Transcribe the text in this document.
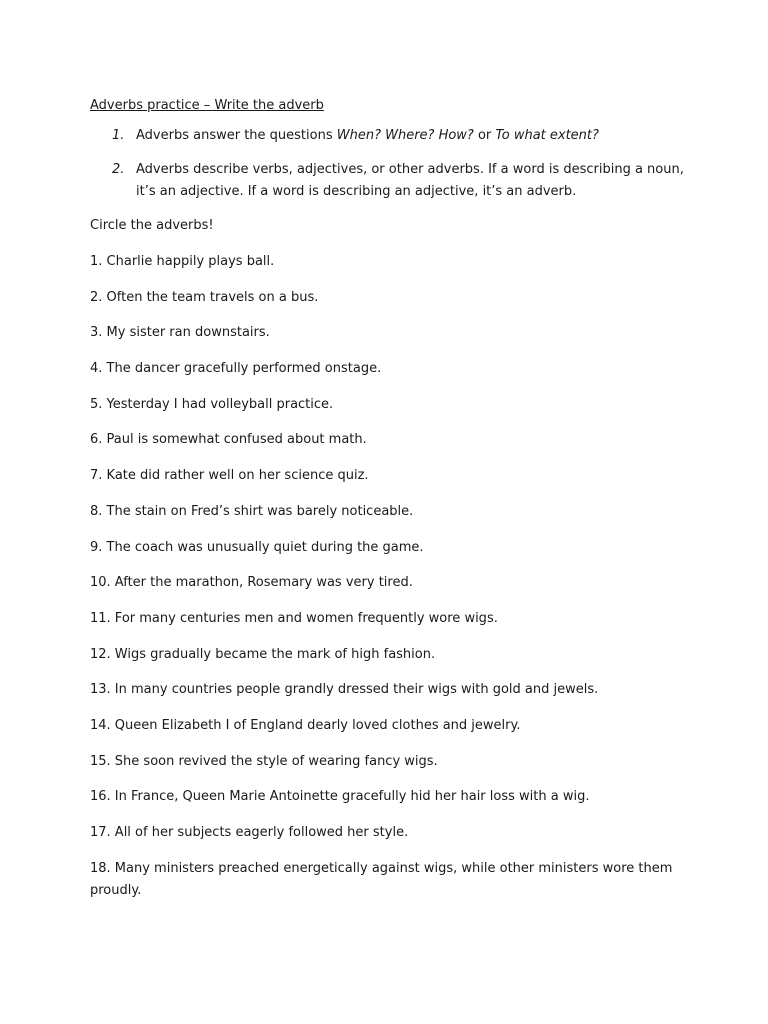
Adverbs practice – Write the adverb
1. Adverbs answer the questions When? Where? How? or To what extent?
2. Adverbs describe verbs, adjectives, or other adverbs. If a word is describing a noun, it’s an adjective. If a word is describing an adjective, it’s an adverb.
Circle the adverbs!
1. Charlie happily plays ball.
2. Often the team travels on a bus.
3. My sister ran downstairs.
4. The dancer gracefully performed onstage.
5. Yesterday I had volleyball practice.
6. Paul is somewhat confused about math.
7. Kate did rather well on her science quiz.
8. The stain on Fred’s shirt was barely noticeable.
9. The coach was unusually quiet during the game.
10. After the marathon, Rosemary was very tired.
11. For many centuries men and women frequently wore wigs.
12. Wigs gradually became the mark of high fashion.
13. In many countries people grandly dressed their wigs with gold and jewels.
14. Queen Elizabeth I of England dearly loved clothes and jewelry.
15. She soon revived the style of wearing fancy wigs.
16. In France, Queen Marie Antoinette gracefully hid her hair loss with a wig.
17. All of her subjects eagerly followed her style.
18. Many ministers preached energetically against wigs, while other ministers wore them proudly.
